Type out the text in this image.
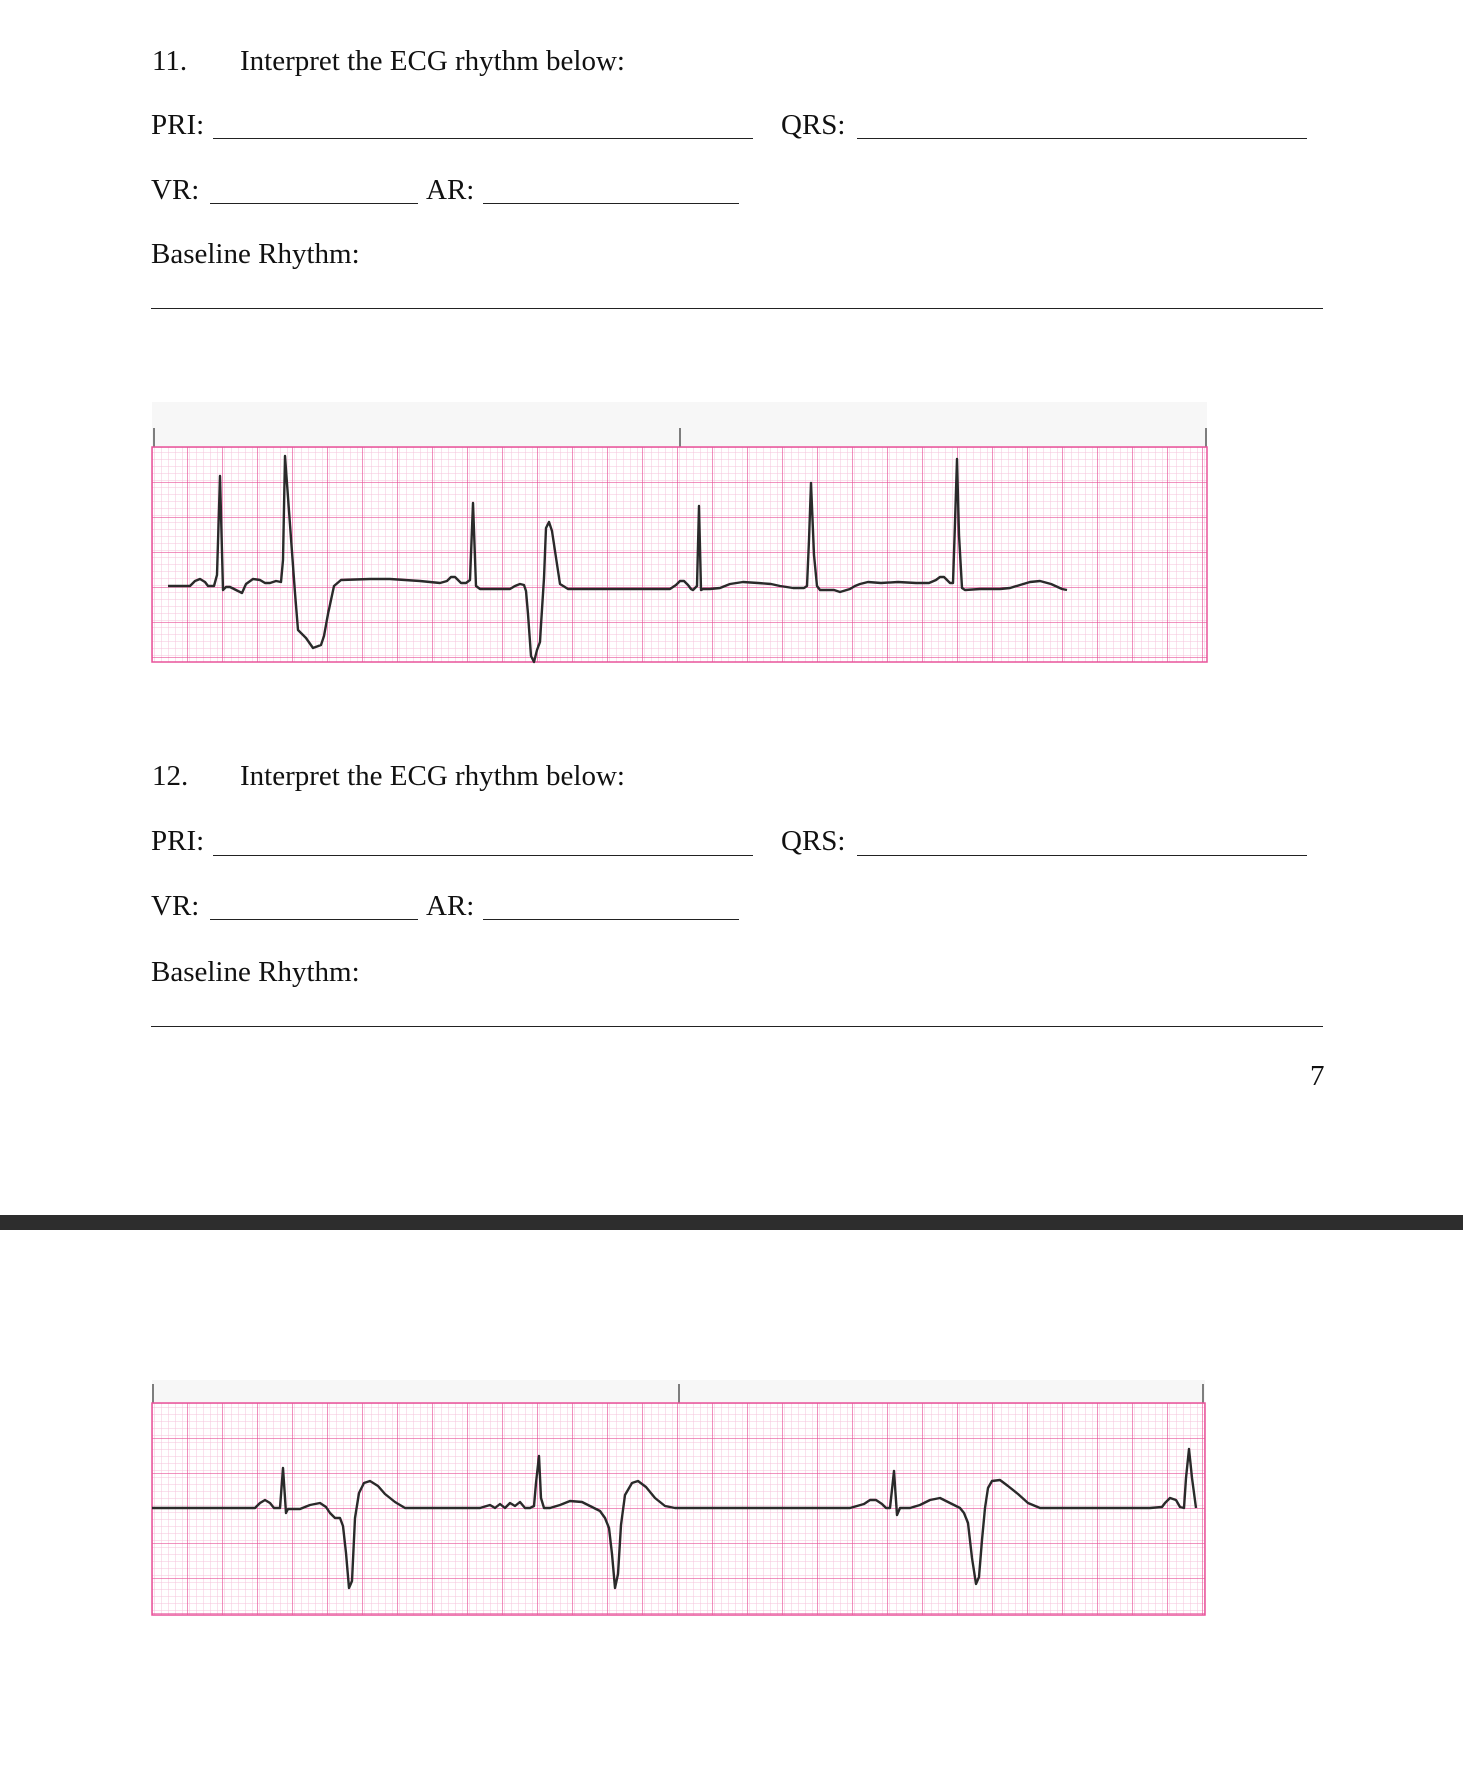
11. Interpret the ECG rhythm below:
PRI:	QRS:
VR:	AR:
Baseline Rhythm:
12. Interpret the ECG rhythm below:
PRI:	QRS:
VR:	AR:
Baseline Rhythm:
7
